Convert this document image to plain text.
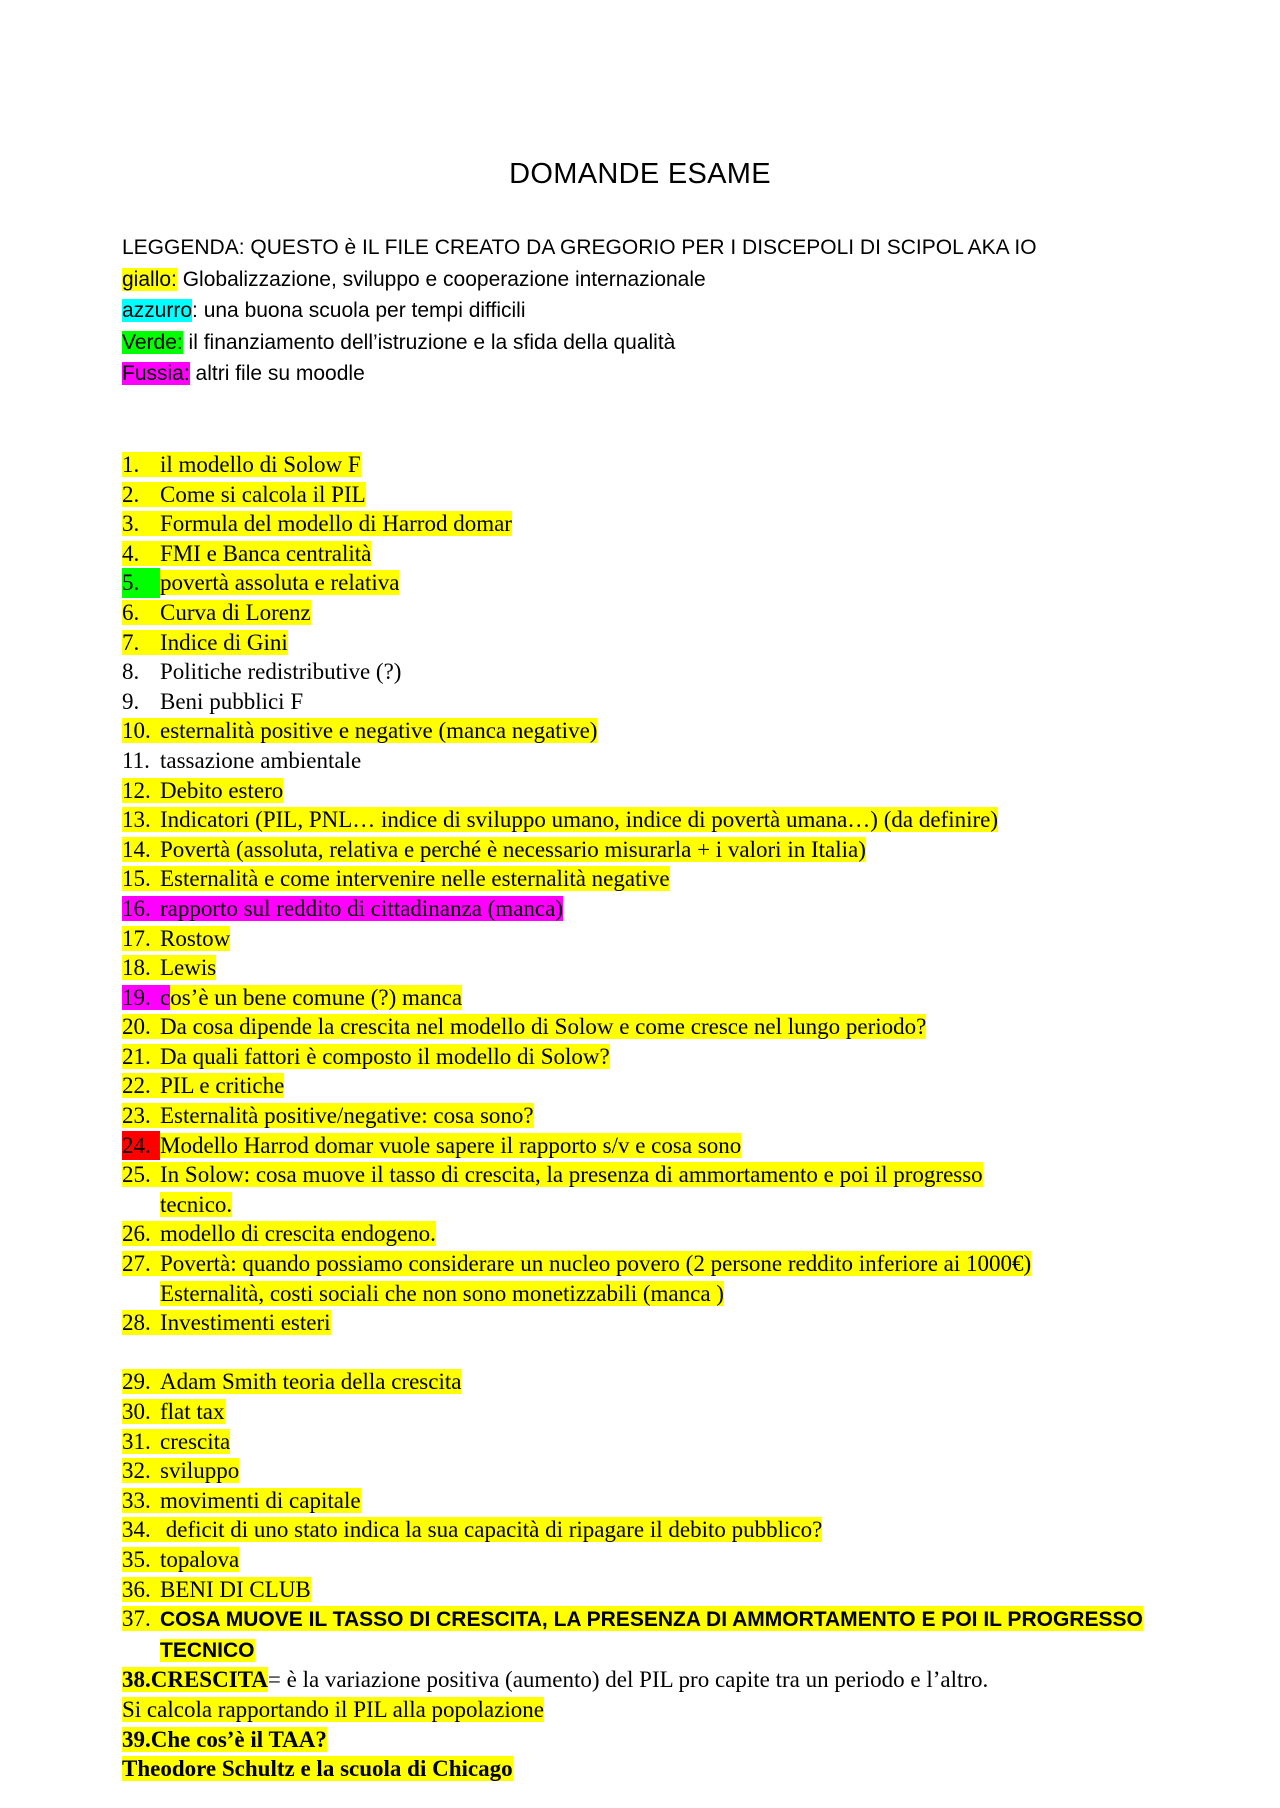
DOMANDE ESAME
LEGGENDA: QUESTO è IL FILE CREATO DA GREGORIO PER I DISCEPOLI DI SCIPOL AKA IO
giallo: Globalizzazione, sviluppo e cooperazione internazionale
azzurro: una buona scuola per tempi difficili
Verde: il finanziamento dell’istruzione e la sfida della qualità
Fussia: altri file su moodle
1. il modello di Solow F
2. Come si calcola il PIL
3. Formula del modello di Harrod domar
4. FMI e Banca centralità
5. povertà assoluta e relativa
6. Curva di Lorenz
7. Indice di Gini
8. Politiche redistributive (?)
9. Beni pubblici F
10. esternalità positive e negative (manca negative)
11. tassazione ambientale
12. Debito estero
13. Indicatori (PIL, PNL… indice di sviluppo umano, indice di povertà umana…) (da definire)
14. Povertà (assoluta, relativa e perché è necessario misurarla + i valori in Italia)
15. Esternalità e come intervenire nelle esternalità negative
16. rapporto sul reddito di cittadinanza (manca)
17. Rostow
18. Lewis
19. cos’è un bene comune (?) manca
20. Da cosa dipende la crescita nel modello di Solow e come cresce nel lungo periodo?
21. Da quali fattori è composto il modello di Solow?
22. PIL e critiche
23. Esternalità positive/negative: cosa sono?
24. Modello Harrod domar vuole sapere il rapporto s/v e cosa sono
25. In Solow: cosa muove il tasso di crescita, la presenza di ammortamento e poi il progresso
tecnico.
26. modello di crescita endogeno.
27. Povertà: quando possiamo considerare un nucleo povero (2 persone reddito inferiore ai 1000€)
Esternalità, costi sociali che non sono monetizzabili (manca )
28. Investimenti esteri
29. Adam Smith teoria della crescita
30. flat tax
31. crescita
32. sviluppo
33. movimenti di capitale
34. deficit di uno stato indica la sua capacità di ripagare il debito pubblico?
35. topalova
36. BENI DI CLUB
37. COSA MUOVE IL TASSO DI CRESCITA, LA PRESENZA DI AMMORTAMENTO E POI IL PROGRESSO
TECNICO
38.CRESCITA= è la variazione positiva (aumento) del PIL pro capite tra un periodo e l’altro.
Si calcola rapportando il PIL alla popolazione
39.Che cos’è il TAA?
Theodore Schultz e la scuola di Chicago
